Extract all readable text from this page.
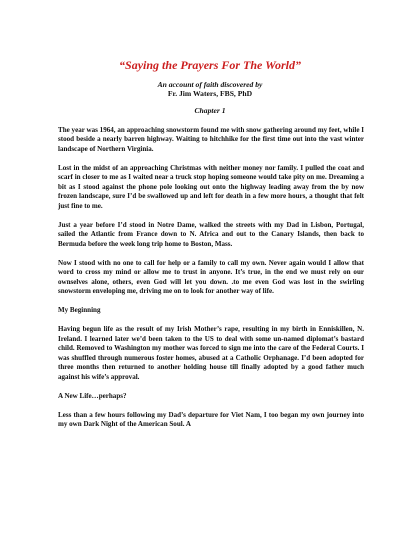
“Saying the Prayers For The World”
An account of faith discovered by
Fr. Jim Waters, FBS, PhD
Chapter 1

The year was 1964, an approaching snowstorm found me with snow gathering around my feet, while I stood beside a nearly barren highway. Waiting to hitchhike for the first time out into the vast winter landscape of Northern Virginia.

Lost in the midst of an approaching Christmas with neither money nor family. I pulled the coat and scarf in closer to me as I waited near a truck stop hoping someone would take pity on me. Dreaming a bit as I stood against the phone pole looking out onto the highway leading away from the by now frozen landscape, sure I’d be swallowed up and left for death in a few more hours, a thought that felt just fine to me.

Just a year before I’d stood in Notre Dame, walked the streets with my Dad in Lisbon, Portugal, sailed the Atlantic from France down to N. Africa and out to the Canary Islands, then back to Bermuda before the week long trip home to Boston, Mass.

Now I stood with no one to call for help or a family to call my own. Never again would I allow that word to cross my mind or allow me to trust in anyone. It’s true, in the end we must rely on our ownselves alone, others, even God will let you down. .to me even God was lost in the swirling snowstorm enveloping me, driving me on to look for another way of life.

My Beginning

Having begun life as the result of my Irish Mother’s rape, resulting in my birth in Enniskillen, N. Ireland. I learned later we’d been taken to the US to deal with some un-named diplomat’s bastard child. Removed to Washington my mother was forced to sign me into the care of the Federal Courts. I was shuffled through numerous foster homes, abused at a Catholic Orphanage. I’d been adopted for three months then returned to another holding house till finally adopted by a good father much against his wife’s approval.

A New Life…perhaps?

Less than a few hours following my Dad’s departure for Viet Nam, I too began my own journey into my own Dark Night of the American Soul. A
